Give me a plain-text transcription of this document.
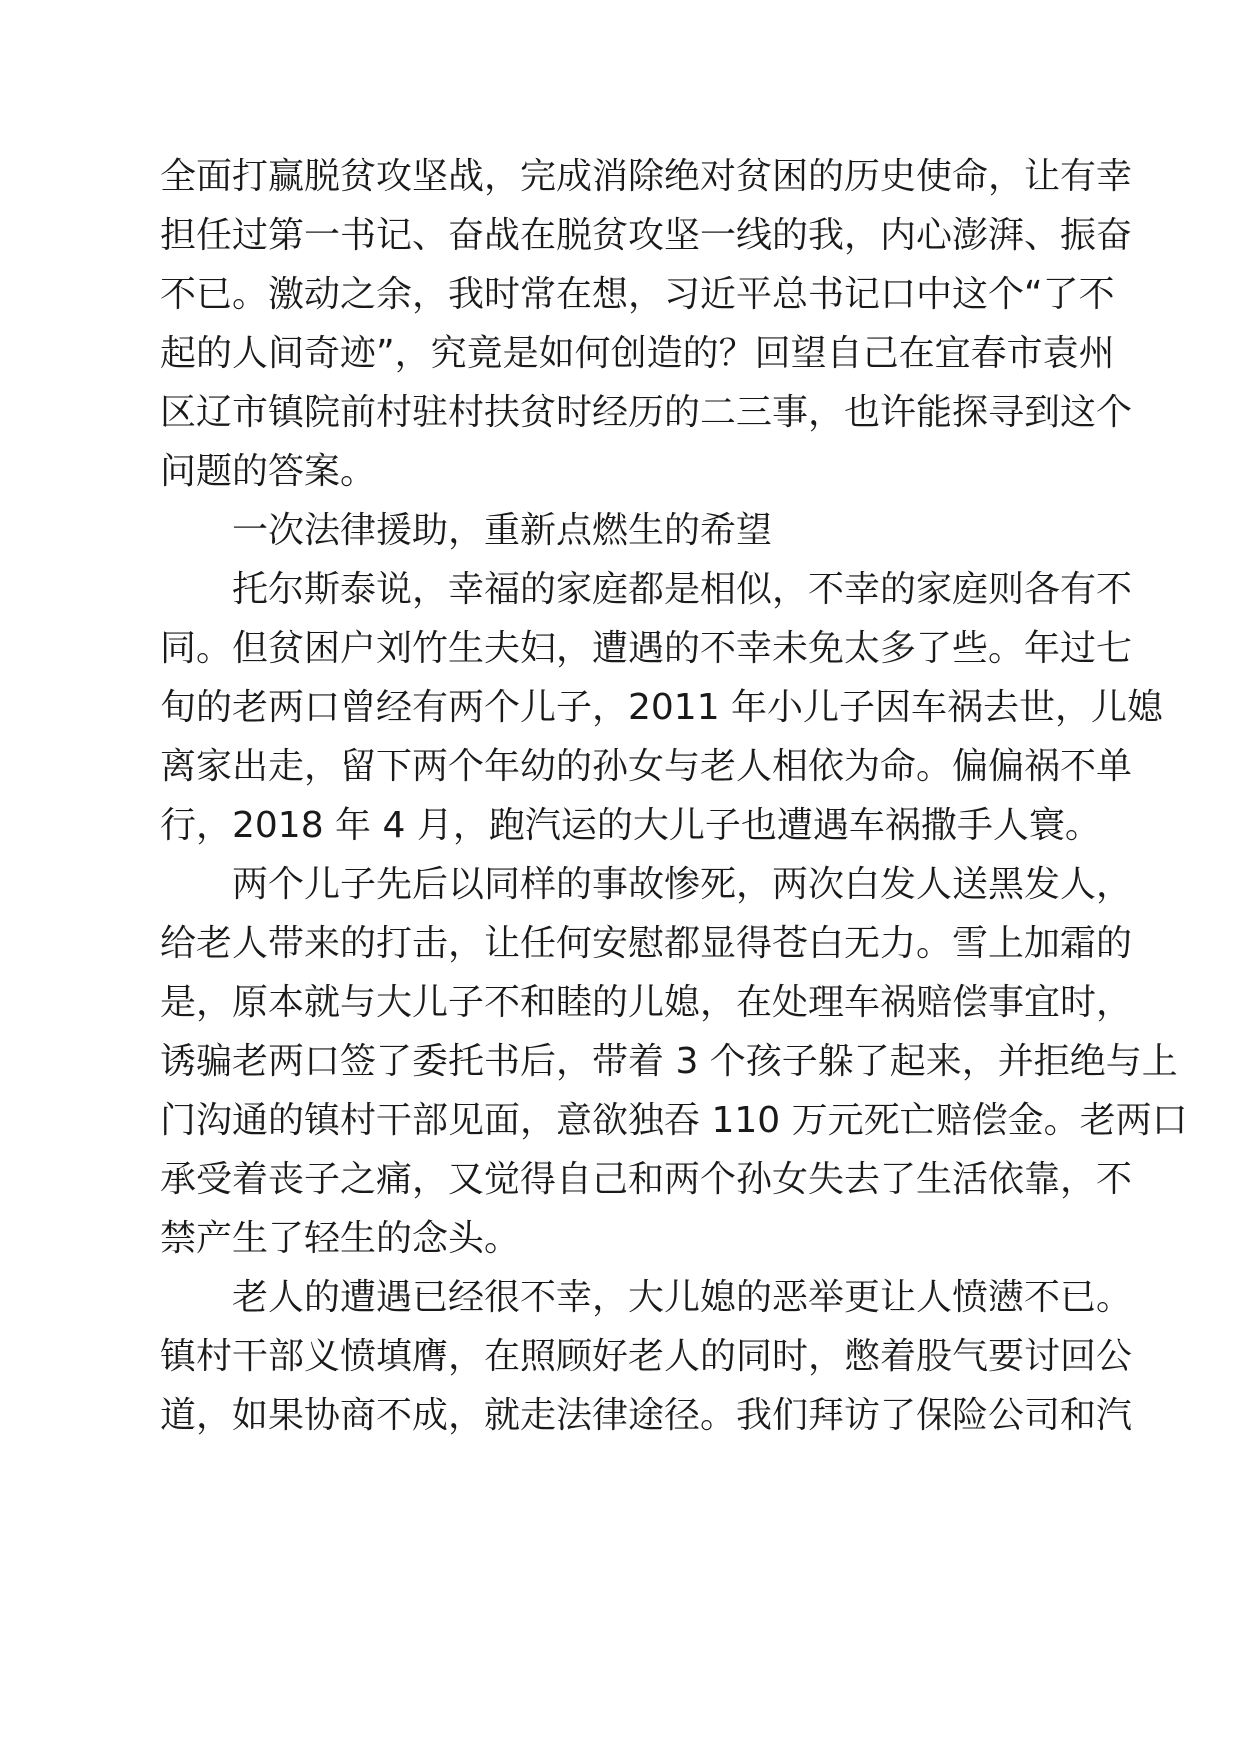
全面打赢脱贫攻坚战，完成消除绝对贫困的历史使命，让有幸
担任过第一书记、奋战在脱贫攻坚一线的我，内心澎湃、振奋
不已。激动之余，我时常在想，习近平总书记口中这个“了不
起的人间奇迹”，究竟是如何创造的？回望自己在宜春市袁州
区辽市镇院前村驻村扶贫时经历的二三事，也许能探寻到这个
问题的答案。
一次法律援助，重新点燃生的希望
托尔斯泰说，幸福的家庭都是相似，不幸的家庭则各有不
同。但贫困户刘竹生夫妇，遭遇的不幸未免太多了些。年过七
旬的老两口曾经有两个儿子，2011 年小儿子因车祸去世，儿媳
离家出走，留下两个年幼的孙女与老人相依为命。偏偏祸不单
行，2018 年 4 月，跑汽运的大儿子也遭遇车祸撒手人寰。
两个儿子先后以同样的事故惨死，两次白发人送黑发人，
给老人带来的打击，让任何安慰都显得苍白无力。雪上加霜的
是，原本就与大儿子不和睦的儿媳，在处理车祸赔偿事宜时，
诱骗老两口签了委托书后，带着 3 个孩子躲了起来，并拒绝与上
门沟通的镇村干部见面，意欲独吞 110 万元死亡赔偿金。老两口
承受着丧子之痛，又觉得自己和两个孙女失去了生活依靠，不
禁产生了轻生的念头。
老人的遭遇已经很不幸，大儿媳的恶举更让人愤懑不已。
镇村干部义愤填膺，在照顾好老人的同时，憋着股气要讨回公
道，如果协商不成，就走法律途径。我们拜访了保险公司和汽
